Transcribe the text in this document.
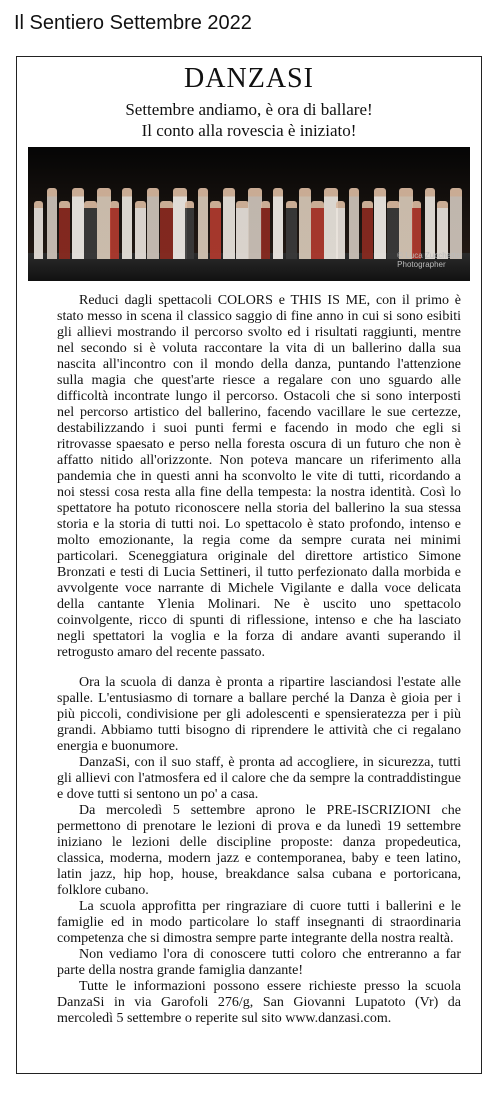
Il Sentiero Settembre 2022
DANZASI
Settembre andiamo, è ora di ballare!
Il conto alla rovescia è iniziato!
© Luca Zucchetto
Photographer

Reduci dagli spettacoli COLORS e THIS IS ME, con il primo è stato messo in scena il classico saggio di fine anno in cui si sono esibiti gli allievi mostrando il percorso svolto ed i risultati raggiunti, mentre nel secondo si è voluta raccontare la vita di un ballerino dalla sua nascita all'incontro con il mondo della danza, puntando l'attenzione sulla magia che quest'arte riesce a regalare con uno sguardo alle difficoltà incontrate lungo il percorso. Ostacoli che si sono interposti nel percorso artistico del ballerino, facendo vacillare le sue certezze, destabilizzando i suoi punti fermi e facendo in modo che egli si ritrovasse spaesato e perso nella foresta oscura di un futuro che non è affatto nitido all'orizzonte. Non poteva mancare un riferimento alla pandemia che in questi anni ha sconvolto le vite di tutti, ricordando a noi stessi cosa resta alla fine della tempesta: la nostra identità. Così lo spettatore ha potuto riconoscere nella storia del ballerino la sua stessa storia e la storia di tutti noi. Lo spettacolo è stato profondo, intenso e molto emozionante, la regia come da sempre curata nei minimi particolari. Sceneggiatura originale del direttore artistico Simone Bronzati e testi di Lucia Settineri, il tutto perfezionato dalla morbida e avvolgente voce narrante di Michele Vigilante e dalla voce delicata della cantante Ylenia Molinari. Ne è uscito uno spettacolo coinvolgente, ricco di spunti di riflessione, intenso e che ha lasciato negli spettatori la voglia e la forza di andare avanti superando il retrogusto amaro del recente passato.

Ora la scuola di danza è pronta a ripartire lasciandosi l'estate alle spalle. L'entusiasmo di tornare a ballare perché la Danza è gioia per i più piccoli, condivisione per gli adolescenti e spensieratezza per i più grandi. Abbiamo tutti bisogno di riprendere le attività che ci regalano energia e buonumore.

DanzaSi, con il suo staff, è pronta ad accogliere, in sicurezza, tutti gli allievi con l'atmosfera ed il calore che da sempre la contraddistingue e dove tutti si sentono un po' a casa.

Da mercoledì 5 settembre aprono le PRE-ISCRIZIONI che permettono di prenotare le lezioni di prova e da lunedì 19 settembre iniziano le lezioni delle discipline proposte: danza propedeutica, classica, moderna, modern jazz e contemporanea, baby e teen latino, latin jazz, hip hop, house, breakdance salsa cubana e portoricana, folklore cubano.

La scuola approfitta per ringraziare di cuore tutti i ballerini e le famiglie ed in modo particolare lo staff insegnanti di straordinaria competenza che si dimostra sempre parte integrante della nostra realtà.

Non vediamo l'ora di conoscere tutti coloro che entreranno a far parte della nostra grande famiglia danzante!

Tutte le informazioni possono essere richieste presso la scuola DanzaSi in via Garofoli 276/g, San Giovanni Lupatoto (Vr) da mercoledì 5 settembre o reperite sul sito www.danzasi.com.
